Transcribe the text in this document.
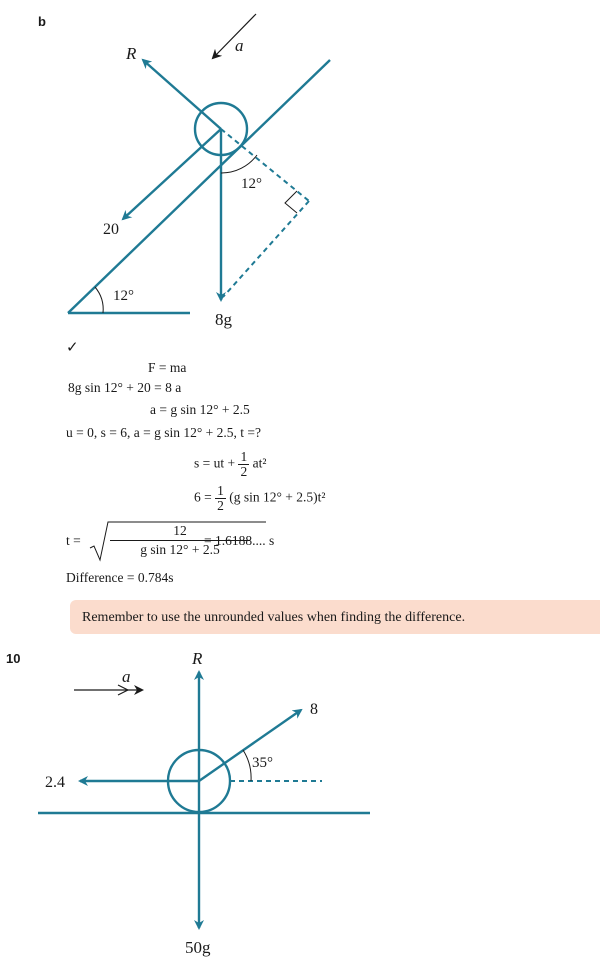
b
R	a
20
12°
12°
8g
✓
F = ma
8g sin 12° + 20 = 8 a
a = g sin 12° + 2.5
u = 0, s = 6, a = g sin 12° + 2.5, t =?
s = ut + $\frac{1}{2} at^2$
$6 = \frac{1}{2} (g$ sin 12° + 2.5)t²
t =
12
g sin 12° + 2.5
= 1.6188.... s
Difference = 0.784s
Remember to use the unrounded values when finding the difference.
10	R
a
8
2.4
35°
50g
